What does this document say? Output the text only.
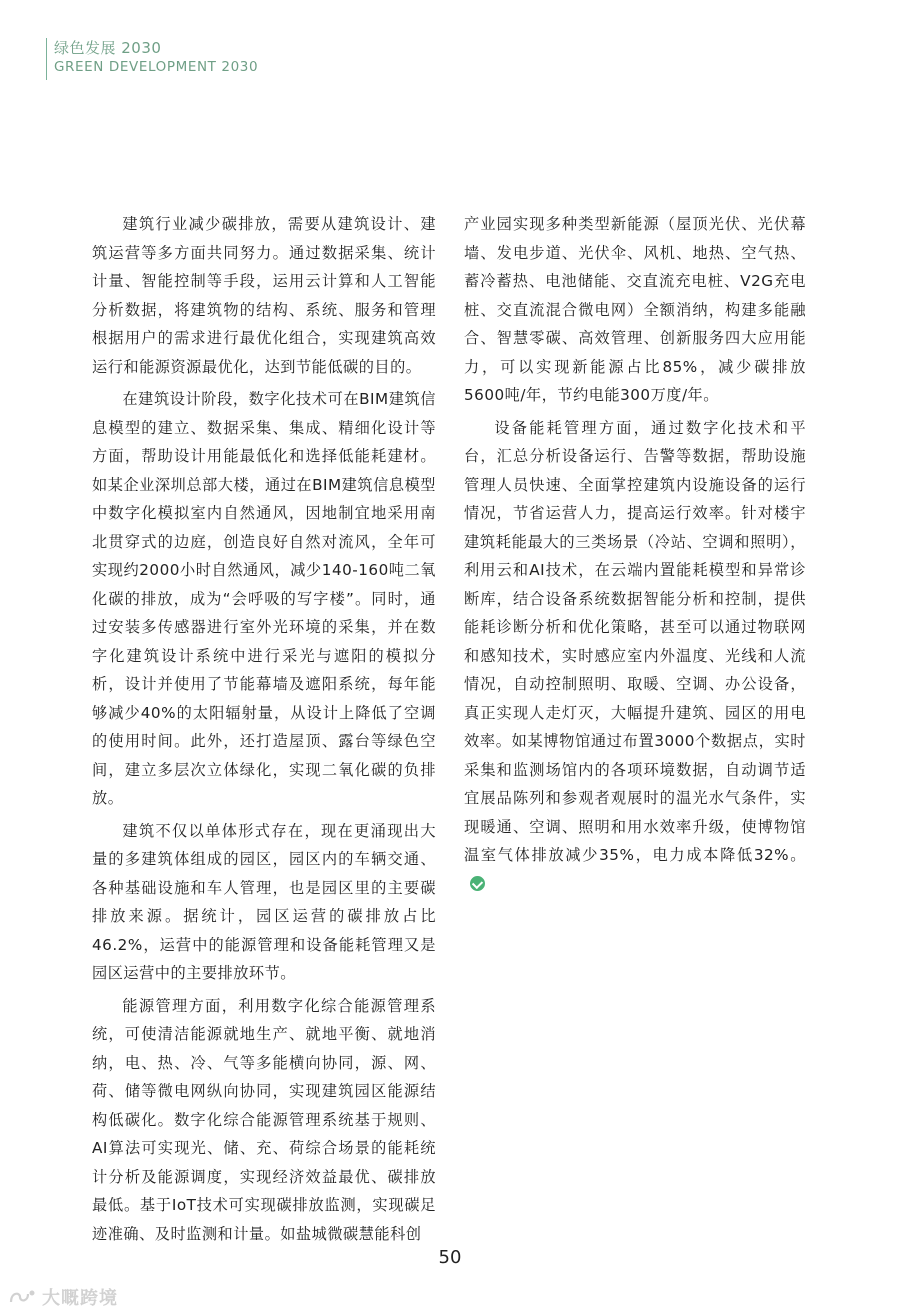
绿色发展 2030
GREEN DEVELOPMENT 2030

建筑行业减少碳排放，需要从建筑设计、建筑运营等多方面共同努力。通过数据采集、统计计量、智能控制等手段，运用云计算和人工智能分析数据，将建筑物的结构、系统、服务和管理根据用户的需求进行最优化组合，实现建筑高效运行和能源资源最优化，达到节能低碳的目的。

在建筑设计阶段，数字化技术可在BIM建筑信息模型的建立、数据采集、集成、精细化设计等方面，帮助设计用能最低化和选择低能耗建材。如某企业深圳总部大楼，通过在BIM建筑信息模型中数字化模拟室内自然通风，因地制宜地采用南北贯穿式的边庭，创造良好自然对流风，全年可实现约2000小时自然通风，减少140-160吨二氧化碳的排放，成为“会呼吸的写字楼”。同时，通过安装多传感器进行室外光环境的采集，并在数字化建筑设计系统中进行采光与遮阳的模拟分析，设计并使用了节能幕墙及遮阳系统，每年能够减少40%的太阳辐射量，从设计上降低了空调的使用时间。此外，还打造屋顶、露台等绿色空间，建立多层次立体绿化，实现二氧化碳的负排放。

建筑不仅以单体形式存在，现在更涌现出大量的多建筑体组成的园区，园区内的车辆交通、各种基础设施和车人管理，也是园区里的主要碳排放来源。据统计，园区运营的碳排放占比46.2%，运营中的能源管理和设备能耗管理又是园区运营中的主要排放环节。

能源管理方面，利用数字化综合能源管理系统，可使清洁能源就地生产、就地平衡、就地消纳，电、热、冷、气等多能横向协同，源、网、荷、储等微电网纵向协同，实现建筑园区能源结构低碳化。数字化综合能源管理系统基于规则、AI算法可实现光、储、充、荷综合场景的能耗统计分析及能源调度，实现经济效益最优、碳排放最低。基于IoT技术可实现碳排放监测，实现碳足迹准确、及时监测和计量。如盐城微碳慧能科创

产业园实现多种类型新能源（屋顶光伏、光伏幕墙、发电步道、光伏伞、风机、地热、空气热、蓄冷蓄热、电池储能、交直流充电桩、V2G充电桩、交直流混合微电网）全额消纳，构建多能融合、智慧零碳、高效管理、创新服务四大应用能力，可以实现新能源占比85%，减少碳排放5600吨/年，节约电能300万度/年。

设备能耗管理方面，通过数字化技术和平台，汇总分析设备运行、告警等数据，帮助设施管理人员快速、全面掌控建筑内设施设备的运行情况，节省运营人力，提高运行效率。针对楼宇建筑耗能最大的三类场景（冷站、空调和照明），利用云和AI技术，在云端内置能耗模型和异常诊断库，结合设备系统数据智能分析和控制，提供能耗诊断分析和优化策略，甚至可以通过物联网和感知技术，实时感应室内外温度、光线和人流情况，自动控制照明、取暖、空调、办公设备，真正实现人走灯灭，大幅提升建筑、园区的用电效率。如某博物馆通过布置3000个数据点，实时采集和监测场馆内的各项环境数据，自动调节适宜展品陈列和参观者观展时的温光水气条件，实现暖通、空调、照明和用水效率升级，使博物馆温室气体排放减少35%，电力成本降低32%。

50
大嘅跨境
